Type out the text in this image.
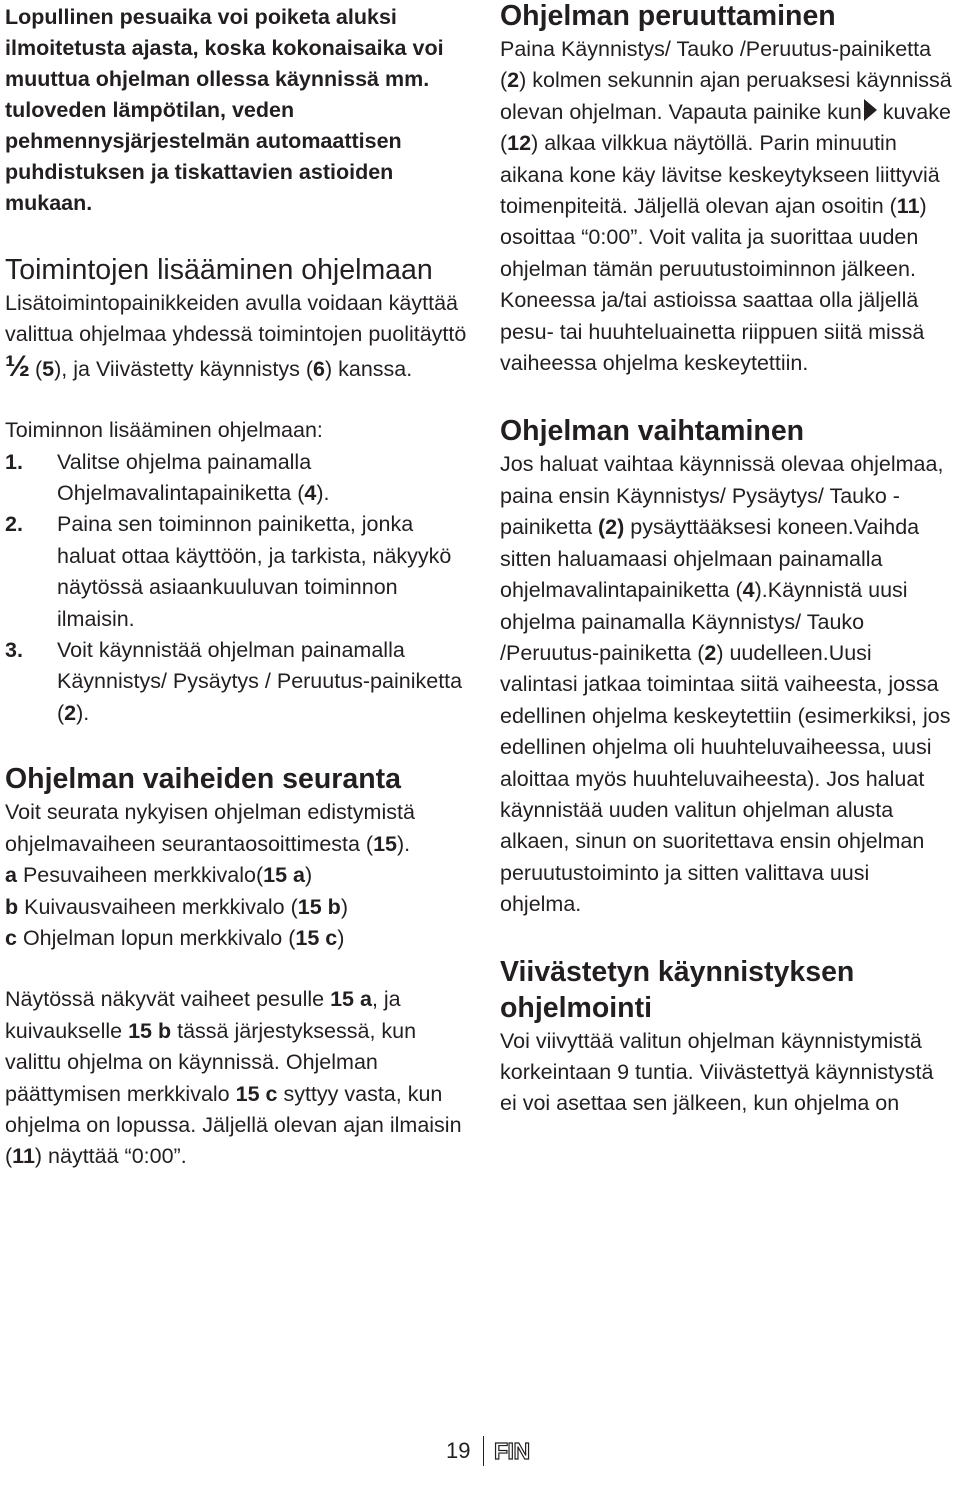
Lopullinen pesuaika voi poiketa aluksi ilmoitetusta ajasta, koska kokonaisaika voi muuttua ohjelman ollessa käynnissä mm. tuloveden lämpötilan, veden pehmennysjärjestelmän automaattisen puhdistuksen ja tiskattavien astioiden mukaan.

Toimintojen lisääminen ohjelmaan

Lisätoimintopainikkeiden avulla voidaan käyttää valittua ohjelmaa yhdessä toimintojen puolitäyttö ½ (5), ja Viivästetty käynnistys (6) kanssa.

Toiminnon lisääminen ohjelmaan:

1. Valitse ohjelma painamalla Ohjelmavalintapainiketta (4).
2. Paina sen toiminnon painiketta, jonka haluat ottaa käyttöön, ja tarkista, näkyykö näytössä asiaankuuluvan toiminnon ilmaisin.
3. Voit käynnistää ohjelman painamalla Käynnistys/ Pysäytys / Peruutus-painiketta (2).
Ohjelman vaiheiden seuranta

Voit seurata nykyisen ohjelman edistymistä ohjelmavaiheen seurantaosoittimesta (15).

a Pesuvaiheen merkkivalo(15 a)

b Kuivausvaiheen merkkivalo (15 b)

c Ohjelman lopun merkkivalo (15 c)

Näytössä näkyvät vaiheet pesulle 15 a, ja kuivaukselle 15 b tässä järjestyksessä, kun valittu ohjelma on käynnissä. Ohjelman päättymisen merkkivalo 15 c syttyy vasta, kun ohjelma on lopussa. Jäljellä olevan ajan ilmaisin (11) näyttää “0:00”.

Ohjelman peruuttaminen

Paina Käynnistys/ Tauko /Peruutus-painiketta (2) kolmen sekunnin ajan peruaksesi käynnissä olevan ohjelman. Vapauta painike kun kuvake (12) alkaa vilkkua näytöllä. Parin minuutin aikana kone käy lävitse keskeytykseen liittyviä toimenpiteitä. Jäljellä olevan ajan osoitin (11) osoittaa “0:00”. Voit valita ja suorittaa uuden ohjelman tämän peruutustoiminnon jälkeen. Koneessa ja/tai astioissa saattaa olla jäljellä pesu- tai huuhteluainetta riippuen siitä missä vaiheessa ohjelma keskeytettiin.

Ohjelman vaihtaminen

Jos haluat vaihtaa käynnissä olevaa ohjelmaa, paina ensin Käynnistys/ Pysäytys/ Tauko -painiketta (2) pysäyttääksesi koneen.Vaihda sitten haluamaasi ohjelmaan painamalla ohjelmavalintapainiketta (4).Käynnistä uusi ohjelma painamalla Käynnistys/ Tauko /Peruutus-painiketta (2) uudelleen.Uusi valintasi jatkaa toimintaa siitä vaiheesta, jossa edellinen ohjelma keskeytettiin (esimerkiksi, jos edellinen ohjelma oli huuhteluvaiheessa, uusi aloittaa myös huuhteluvaiheesta). Jos haluat käynnistää uuden valitun ohjelman alusta alkaen, sinun on suoritettava ensin ohjelman peruutustoiminto ja sitten valittava uusi ohjelma.

Viivästetyn käynnistyksen ohjelmointi

Voi viivyttää valitun ohjelman käynnistymistä korkeintaan 9 tuntia. Viivästettyä käynnistystä ei voi asettaa sen jälkeen, kun ohjelma on

19 FIN
